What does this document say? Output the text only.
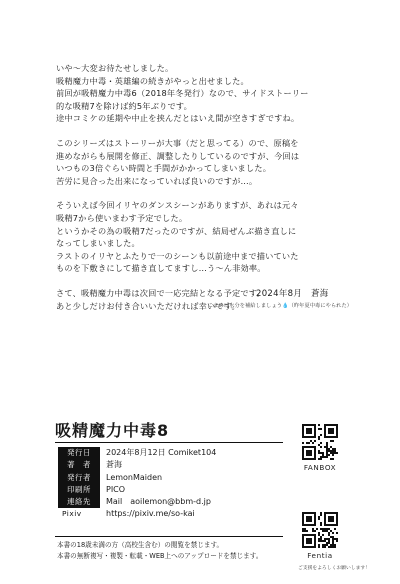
いや～大変お待たせしました。
吸精魔力中毒・英雄編の続きがやっと出せました。
前回が吸精魔力中毒6（2018年冬発行）なので、サイドストーリー
的な吸精7を除けば約5年ぶりです。
途中コミケの延期や中止を挟んだとはいえ間が空きすぎですね。

このシリーズはストーリーが大事（だと思ってる）ので、原稿を
進めながらも展開を修正、調整したりしているのですが、今回は
いつもの3倍ぐらい時間と手間がかかってしまいました。
苦労に見合った出来になっていれば良いのですが…。

そういえば今回イリヤのダンスシーンがありますが、あれは元々
吸精7から使いまわす予定でした。
というかその為の吸精7だったのですが、結局ぜんぶ描き直しに
なってしまいました。
ラストのイリヤとふたりで一のシーンも以前途中まで描いていた
ものを下敷きにして描き直してますし…う～ん非効率。

さて、吸精魔力中毒は次回で一応完結となる予定です。
あと少しだけお付き合いいただければ幸いです。

2024年8月　蒼海
こまめに水分を補給しましょう💧（昨年夏中毒にやられた）
吸精魔力中毒8
発行日	2024年8月12日 Comiket104
著　者	蒼海
発行者	LemonMaiden
印刷所	PICO
連絡先	Mail　aoilemon@bbm-d.jp
Pixiv	https://pixiv.me/so-kai
本書の18歳未満の方（高校生含む）の閲覧を禁じます。
本書の無断複写・複製・転載・WEB上へのアップロードを禁じます。
FANBOX
Fentia
ご支援をよろしくお願いします！
